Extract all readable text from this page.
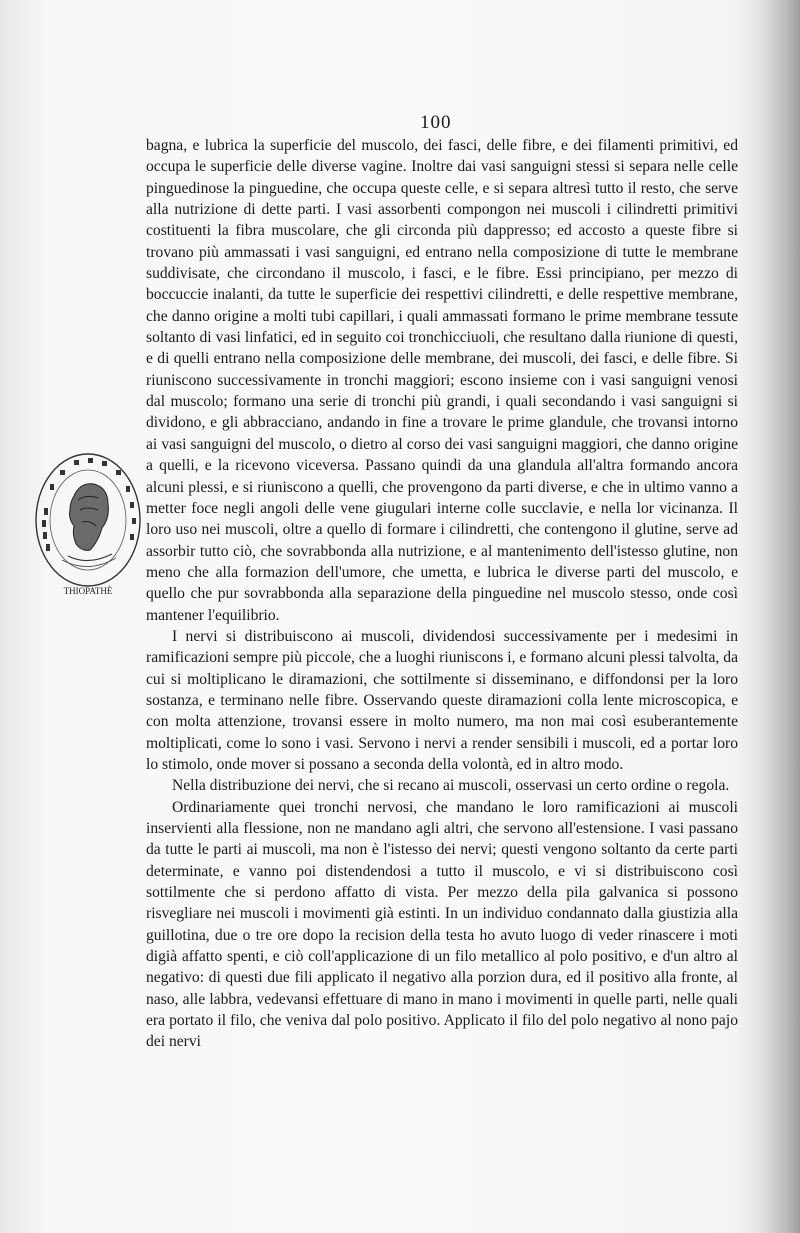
100
THIOPATHÈ

bagna, e lubrica la superficie del muscolo, dei fasci, delle fibre, e dei filamenti primitivi, ed occupa le superficie delle diverse vagine. Inoltre dai vasi sanguigni stessi si separa nelle celle pinguedinose la pinguedine, che occupa queste celle, e si separa altresì tutto il resto, che serve alla nutrizione di dette parti. I vasi assorbenti compongon nei muscoli i cilindretti primitivi costituenti la fibra muscolare, che gli circonda più dappresso; ed accosto a queste fibre si trovano più ammassati i vasi sanguigni, ed entrano nella composizione di tutte le membrane suddivisate, che circondano il muscolo, i fasci, e le fibre. Essi principiano, per mezzo di boccuccie inalanti, da tutte le superficie dei respettivi cilindretti, e delle respettive membrane, che danno origine a molti tubi capillari, i quali ammassati formano le prime membrane tessute soltanto di vasi linfatici, ed in seguito coi tronchicciuoli, che resultano dalla riunione di questi, e di quelli entrano nella composizione delle membrane, dei muscoli, dei fasci, e delle fibre. Si riuniscono successivamente in tronchi maggiori; escono insieme con i vasi sanguigni venosi dal muscolo; formano una serie di tronchi più grandi, i quali secondando i vasi sanguigni si dividono, e gli abbracciano, andando in fine a trovare le prime glandule, che trovansi intorno ai vasi sanguigni del muscolo, o dietro al corso dei vasi sanguigni maggiori, che danno origine a quelli, e la ricevono viceversa. Passano quindi da una glandula all'altra formando ancora alcuni plessi, e si riuniscono a quelli, che provengono da parti diverse, e che in ultimo vanno a metter foce negli angoli delle vene giugulari interne colle succlavie, e nella lor vicinanza. Il loro uso nei muscoli, oltre a quello di formare i cilindretti, che contengono il glutine, serve ad assorbir tutto ciò, che sovrabbonda alla nutrizione, e al mantenimento dell'istesso glutine, non meno che alla formazion dell'umore, che umetta, e lubrica le diverse parti del muscolo, e quello che pur sovrabbonda alla separazione della pinguedine nel muscolo stesso, onde così mantener l'equilibrio.

I nervi si distribuiscono ai muscoli, dividendosi successivamente per i medesimi in ramificazioni sempre più piccole, che a luoghi riuniscons i, e formano alcuni plessi talvolta, da cui si moltiplicano le diramazioni, che sottilmente si disseminano, e diffondonsi per la loro sostanza, e terminano nelle fibre. Osservando queste diramazioni colla lente microscopica, e con molta attenzione, trovansi essere in molto numero, ma non mai così esuberantemente moltiplicati, come lo sono i vasi. Servono i nervi a render sensibili i muscoli, ed a portar loro lo stimolo, onde mover si possano a seconda della volontà, ed in altro modo.

Nella distribuzione dei nervi, che si recano ai muscoli, osservasi un certo ordine o regola.

Ordinariamente quei tronchi nervosi, che mandano le loro ramificazioni ai muscoli inservienti alla flessione, non ne mandano agli altri, che servono all'estensione. I vasi passano da tutte le parti ai muscoli, ma non è l'istesso dei nervi; questi vengono soltanto da certe parti determinate, e vanno poi distendendosi a tutto il muscolo, e vi si distribuiscono così sottilmente che si perdono affatto di vista. Per mezzo della pila galvanica si possono risvegliare nei muscoli i movimenti già estinti. In un individuo condannato dalla giustizia alla guillotina, due o tre ore dopo la recision della testa ho avuto luogo di veder rinascere i moti digià affatto spenti, e ciò coll'applicazione di un filo metallico al polo positivo, e d'un altro al negativo: di questi due fili applicato il negativo alla porzion dura, ed il positivo alla fronte, al naso, alle labbra, vedevansi effettuare di mano in mano i movimenti in quelle parti, nelle quali era portato il filo, che veniva dal polo positivo. Applicato il filo del polo negativo al nono pajo dei nervi
